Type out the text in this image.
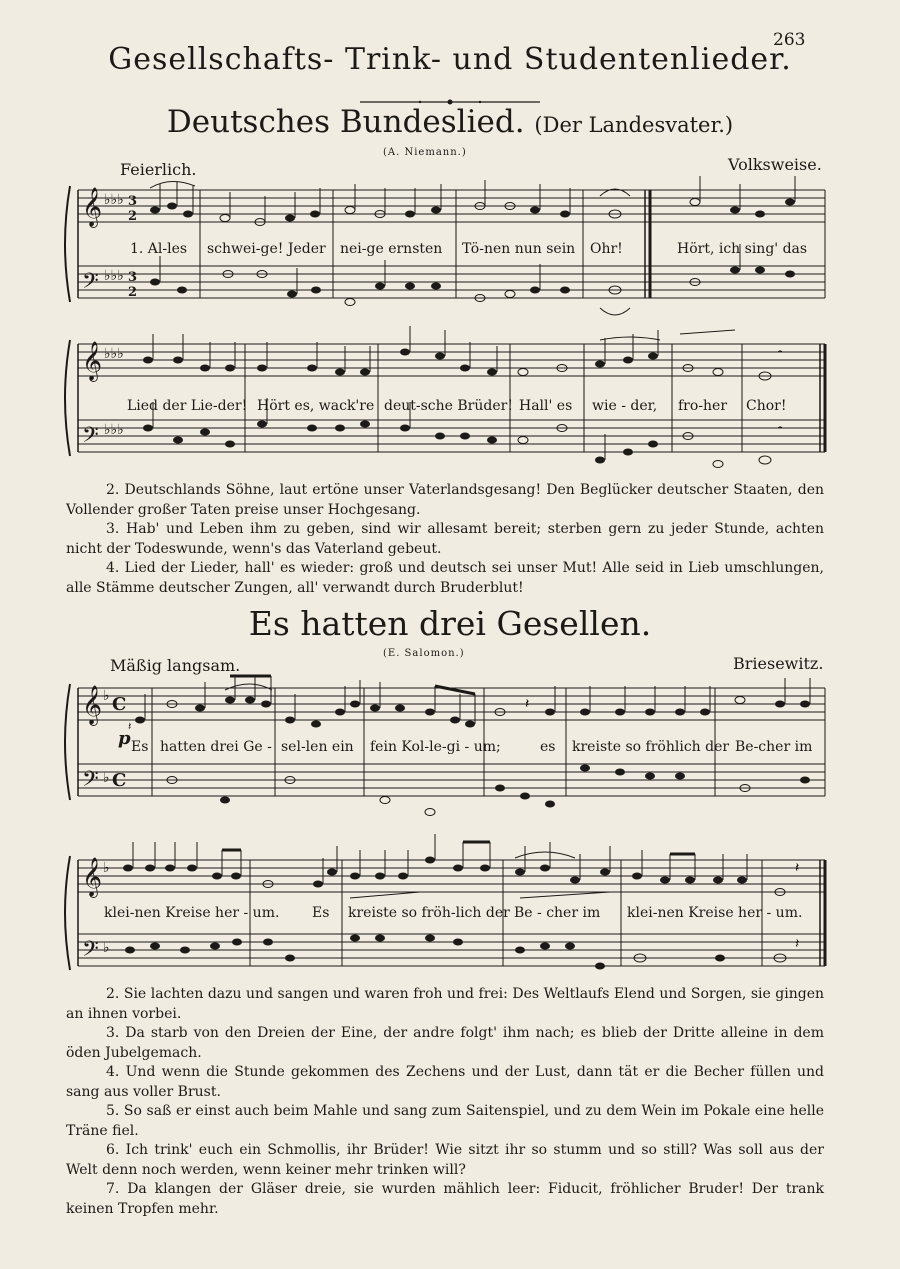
263
Gesellschafts- Trink- und Studentenlieder.
Deutsches Bundeslied. (Der Landesvater.)
(A. Niemann.)
Feierlich.	Volksweise.
𝄞
𝄢
♭♭♭
♭♭♭
3
2
3
2
1. Al-les schwei-ge! Jeder nei-ge ernsten Tö-nen nun sein Ohr!	Hört, ich sing' das
𝄞
𝄢
♭♭♭
♭♭♭
𝄼
𝄼
Lied der Lie-der! Hört es, wack're deut-sche Brüder! Hall' es wie - der, fro-her Chor!

2. Deutschlands Söhne, laut ertöne unser Vaterlandsgesang! Den Beglücker deutscher Staaten, den Vollender großer Taten preise unser Hochgesang.

3. Hab' und Leben ihm zu geben, sind wir allesamt bereit; sterben gern zu jeder Stunde, achten nicht der Todeswunde, wenn's das Vaterland gebeut.

4. Lied der Lieder, hall' es wieder: groß und deutsch sei unser Mut! Alle seid in Lieb umschlungen, alle Stämme deutscher Zungen, all' verwandt durch Bruderblut!

Es hatten drei Gesellen.
(E. Salomon.)
Mäßig langsam.	Briesewitz.
𝄞
𝄢
♭
♭
C
C
𝄽
𝄽
p Es hatten drei Ge - sel-len ein fein Kol-le-gi - um;	es kreiste so fröhlich der Be-cher im
𝄞
𝄢
♭
♭
𝄽
𝄽
klei-nen Kreise her - um. Es kreiste so fröh-lich der Be - cher im klei-nen Kreise her - um.

2. Sie lachten dazu und sangen und waren froh und frei: Des Weltlaufs Elend und Sorgen, sie gingen an ihnen vorbei.

3. Da starb von den Dreien der Eine, der andre folgt' ihm nach; es blieb der Dritte alleine in dem öden Jubelgemach.

4. Und wenn die Stunde gekommen des Zechens und der Lust, dann tät er die Becher füllen und sang aus voller Brust.

5. So saß er einst auch beim Mahle und sang zum Saitenspiel, und zu dem Wein im Pokale eine helle Träne fiel.

6. Ich trink' euch ein Schmollis, ihr Brüder! Wie sitzt ihr so stumm und so still? Was soll aus der Welt denn noch werden, wenn keiner mehr trinken will?

7. Da klangen der Gläser dreie, sie wurden mählich leer: Fiducit, fröhlicher Bruder! Der trank keinen Tropfen mehr.
